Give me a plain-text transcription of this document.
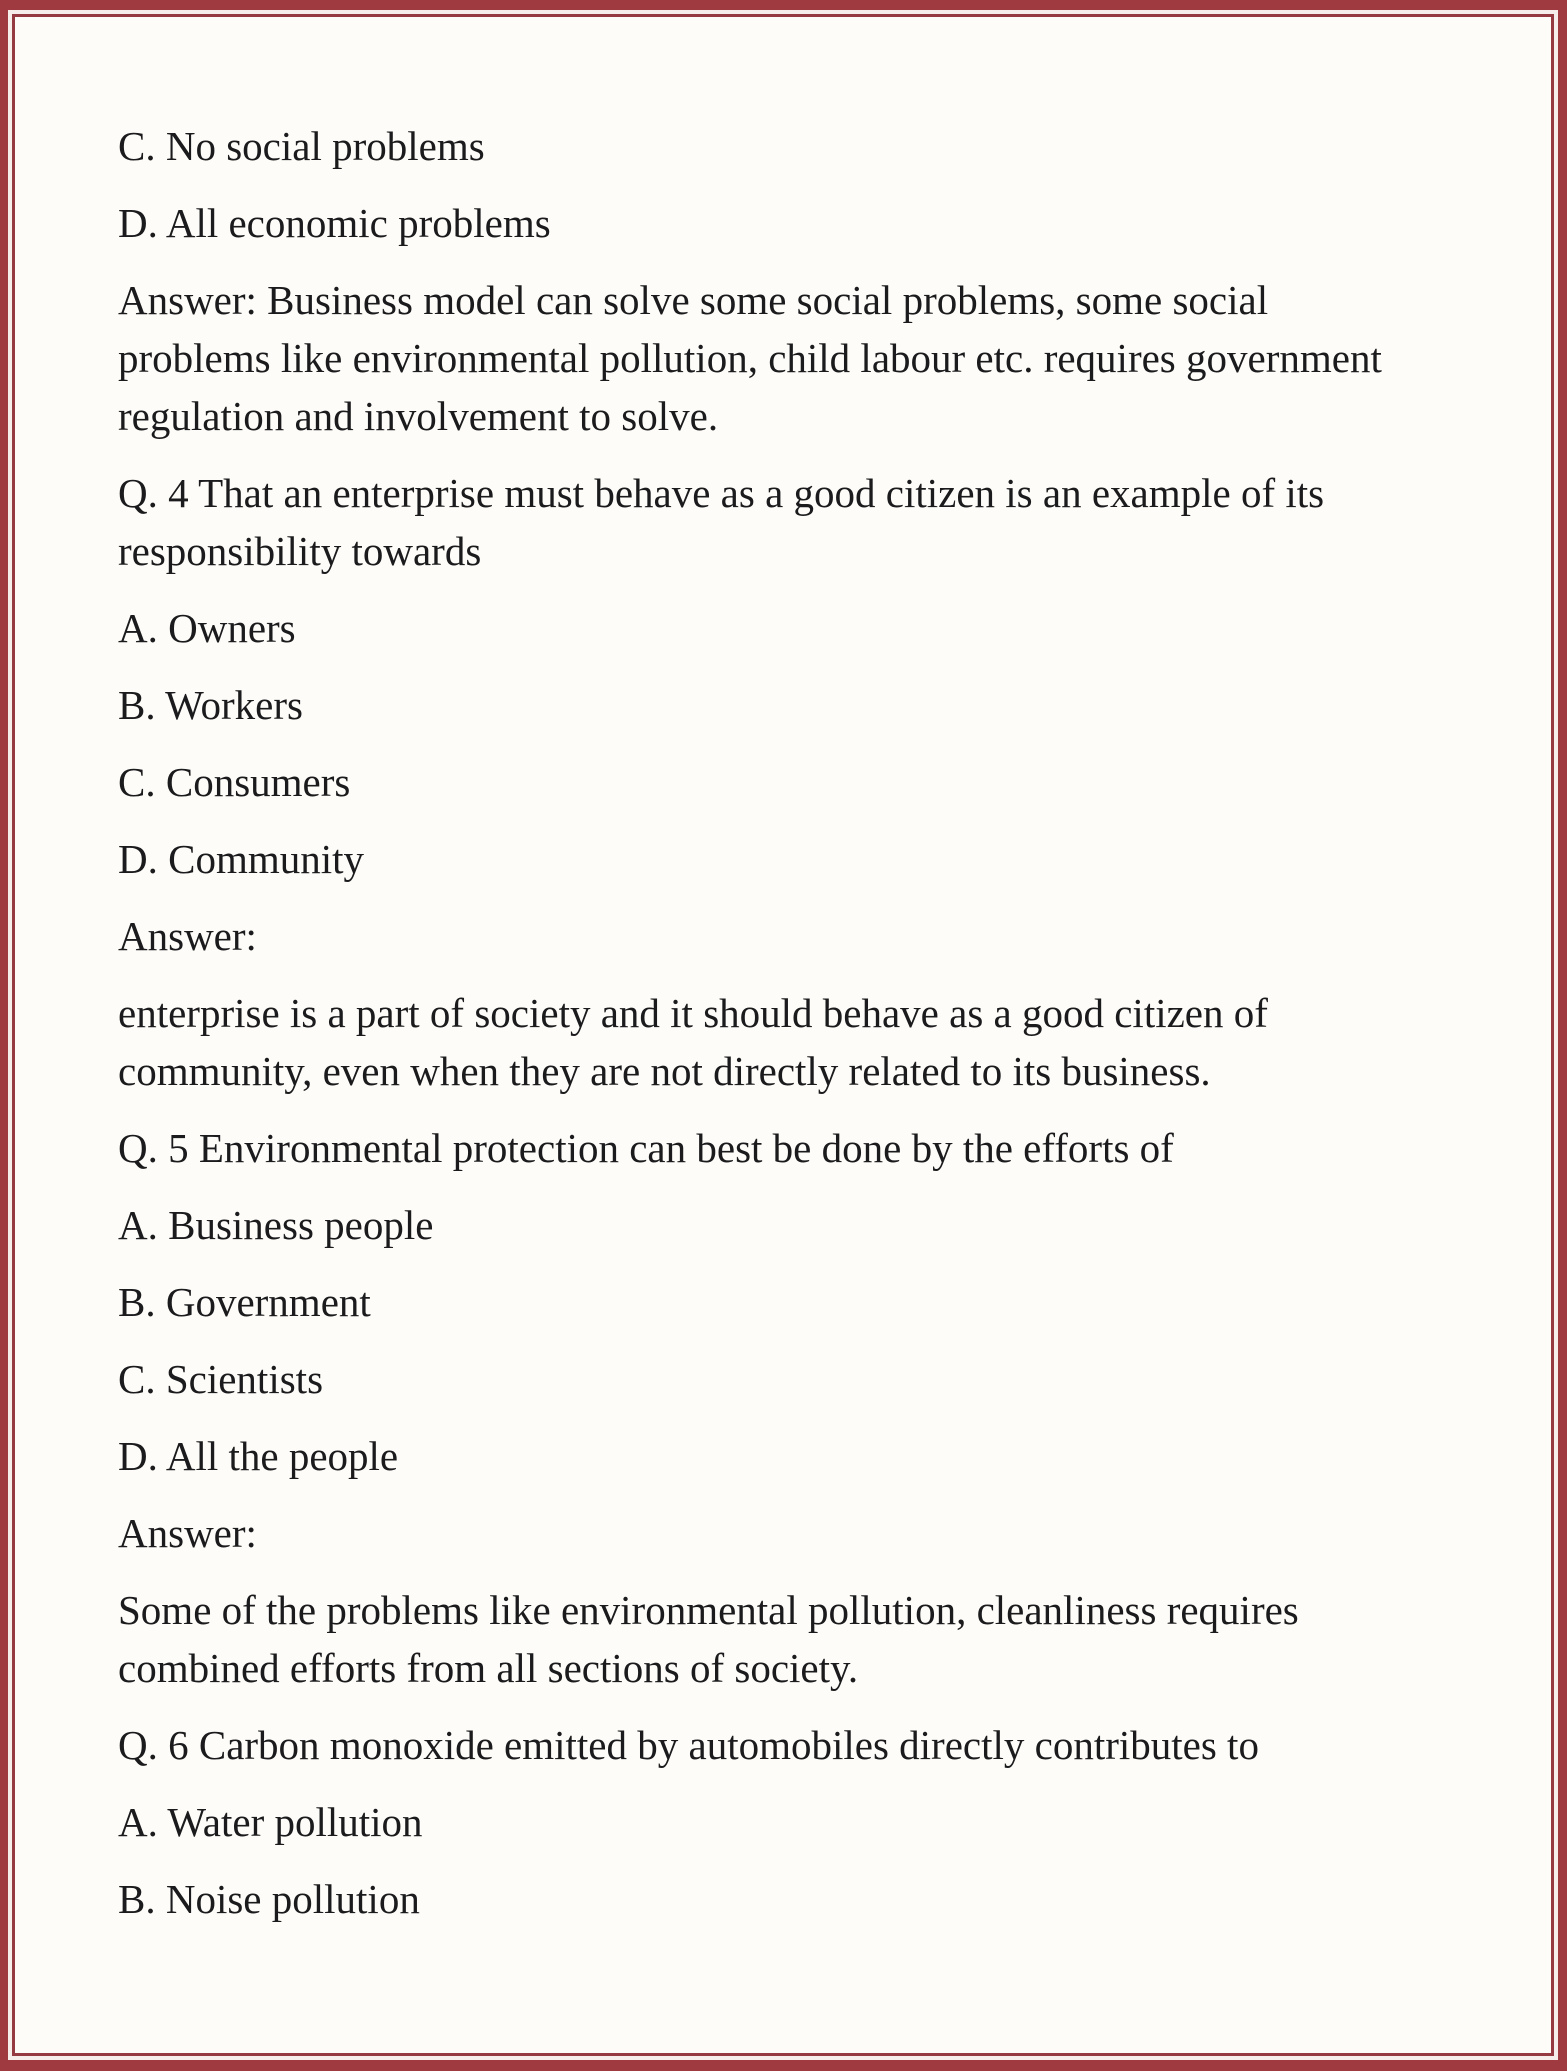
C. No social problems

D. All economic problems

Answer: Business model can solve some social problems, some social problems like environmental pollution, child labour etc. requires government regulation and involvement to solve.

Q. 4 That an enterprise must behave as a good citizen is an example of its responsibility towards

A. Owners

B. Workers

C. Consumers

D. Community

Answer:

enterprise is a part of society and it should behave as a good citizen of community, even when they are not directly related to its business.

Q. 5 Environmental protection can best be done by the efforts of

A. Business people

B. Government

C. Scientists

D. All the people

Answer:

Some of the problems like environmental pollution, cleanliness requires combined efforts from all sections of society.

Q. 6 Carbon monoxide emitted by automobiles directly contributes to

A. Water pollution

B. Noise pollution
